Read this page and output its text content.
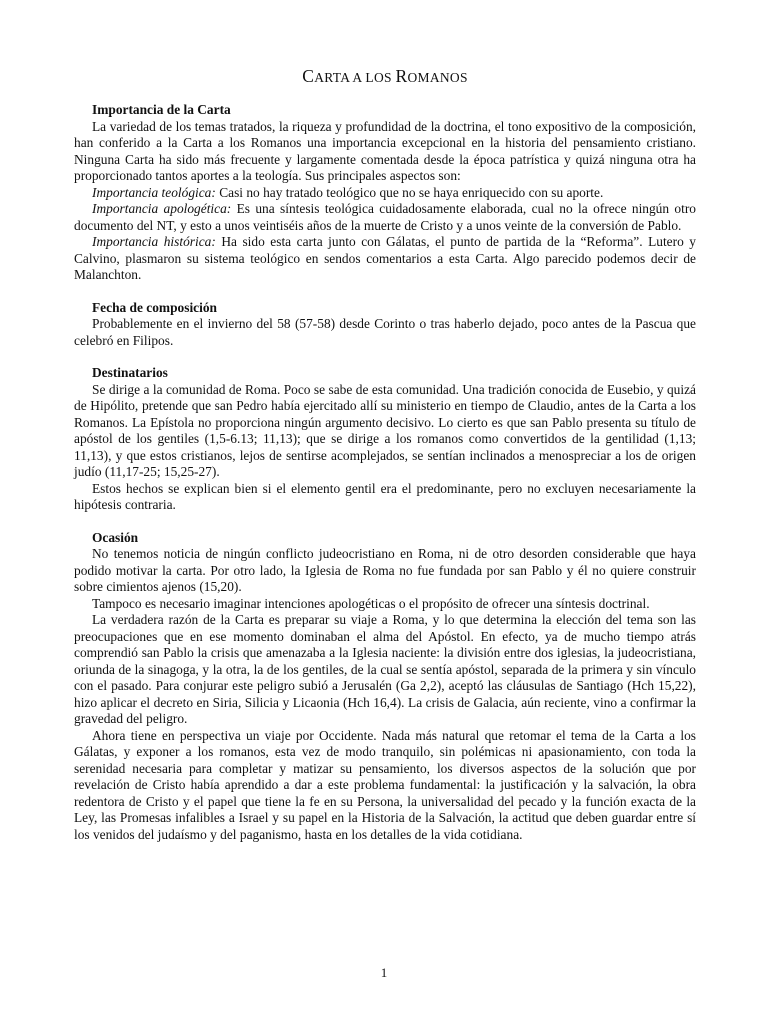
CARTA A LOS ROMANOS
Importancia de la Carta

La variedad de los temas tratados, la riqueza y profundidad de la doctrina, el tono expositivo de la composición, han conferido a la Carta a los Romanos una importancia excepcional en la historia del pensamiento cristiano. Ninguna Carta ha sido más frecuente y largamente comentada desde la época patrística y quizá ninguna otra ha proporcionado tantos aportes a la teología. Sus principales aspectos son:

Importancia teológica: Casi no hay tratado teológico que no se haya enriquecido con su aporte.

Importancia apologética: Es una síntesis teológica cuidadosamente elaborada, cual no la ofrece ningún otro documento del NT, y esto a unos veintiséis años de la muerte de Cristo y a unos veinte de la conversión de Pablo.

Importancia histórica: Ha sido esta carta junto con Gálatas, el punto de partida de la “Reforma”. Lutero y Calvino, plasmaron su sistema teológico en sendos comentarios a esta Carta. Algo parecido podemos decir de Malanchton.

Fecha de composición

Probablemente en el invierno del 58 (57-58) desde Corinto o tras haberlo dejado, poco antes de la Pascua que celebró en Filipos.

Destinatarios

Se dirige a la comunidad de Roma. Poco se sabe de esta comunidad. Una tradición conocida de Eusebio, y quizá de Hipólito, pretende que san Pedro había ejercitado allí su ministerio en tiempo de Claudio, antes de la Carta a los Romanos. La Epístola no proporciona ningún argumento decisivo. Lo cierto es que san Pablo presenta su título de apóstol de los gentiles (1,5-6.13; 11,13); que se dirige a los romanos como convertidos de la gentilidad (1,13; 11,13), y que estos cristianos, lejos de sentirse acomplejados, se sentían inclinados a menospreciar a los de origen judío (11,17-25; 15,25-27).

Estos hechos se explican bien si el elemento gentil era el predominante, pero no excluyen necesariamente la hipótesis contraria.

Ocasión

No tenemos noticia de ningún conflicto judeocristiano en Roma, ni de otro desorden considerable que haya podido motivar la carta. Por otro lado, la Iglesia de Roma no fue fundada por san Pablo y él no quiere construir sobre cimientos ajenos (15,20).

Tampoco es necesario imaginar intenciones apologéticas o el propósito de ofrecer una síntesis doctrinal.

La verdadera razón de la Carta es preparar su viaje a Roma, y lo que determina la elección del tema son las preocupaciones que en ese momento dominaban el alma del Apóstol. En efecto, ya de mucho tiempo atrás comprendió san Pablo la crisis que amenazaba a la Iglesia naciente: la división entre dos iglesias, la judeocristiana, oriunda de la sinagoga, y la otra, la de los gentiles, de la cual se sentía apóstol, separada de la primera y sin vínculo con el pasado. Para conjurar este peligro subió a Jerusalén (Ga 2,2), aceptó las cláusulas de Santiago (Hch 15,22), hizo aplicar el decreto en Siria, Silicia y Licaonia (Hch 16,4). La crisis de Galacia, aún reciente, vino a confirmar la gravedad del peligro.

Ahora tiene en perspectiva un viaje por Occidente. Nada más natural que retomar el tema de la Carta a los Gálatas, y exponer a los romanos, esta vez de modo tranquilo, sin polémicas ni apasionamiento, con toda la serenidad necesaria para completar y matizar su pensamiento, los diversos aspectos de la solución que por revelación de Cristo había aprendido a dar a este problema fundamental: la justificación y la salvación, la obra redentora de Cristo y el papel que tiene la fe en su Persona, la universalidad del pecado y la función exacta de la Ley, las Promesas infalibles a Israel y su papel en la Historia de la Salvación, la actitud que deben guardar entre sí los venidos del judaísmo y del paganismo, hasta en los detalles de la vida cotidiana.

1
